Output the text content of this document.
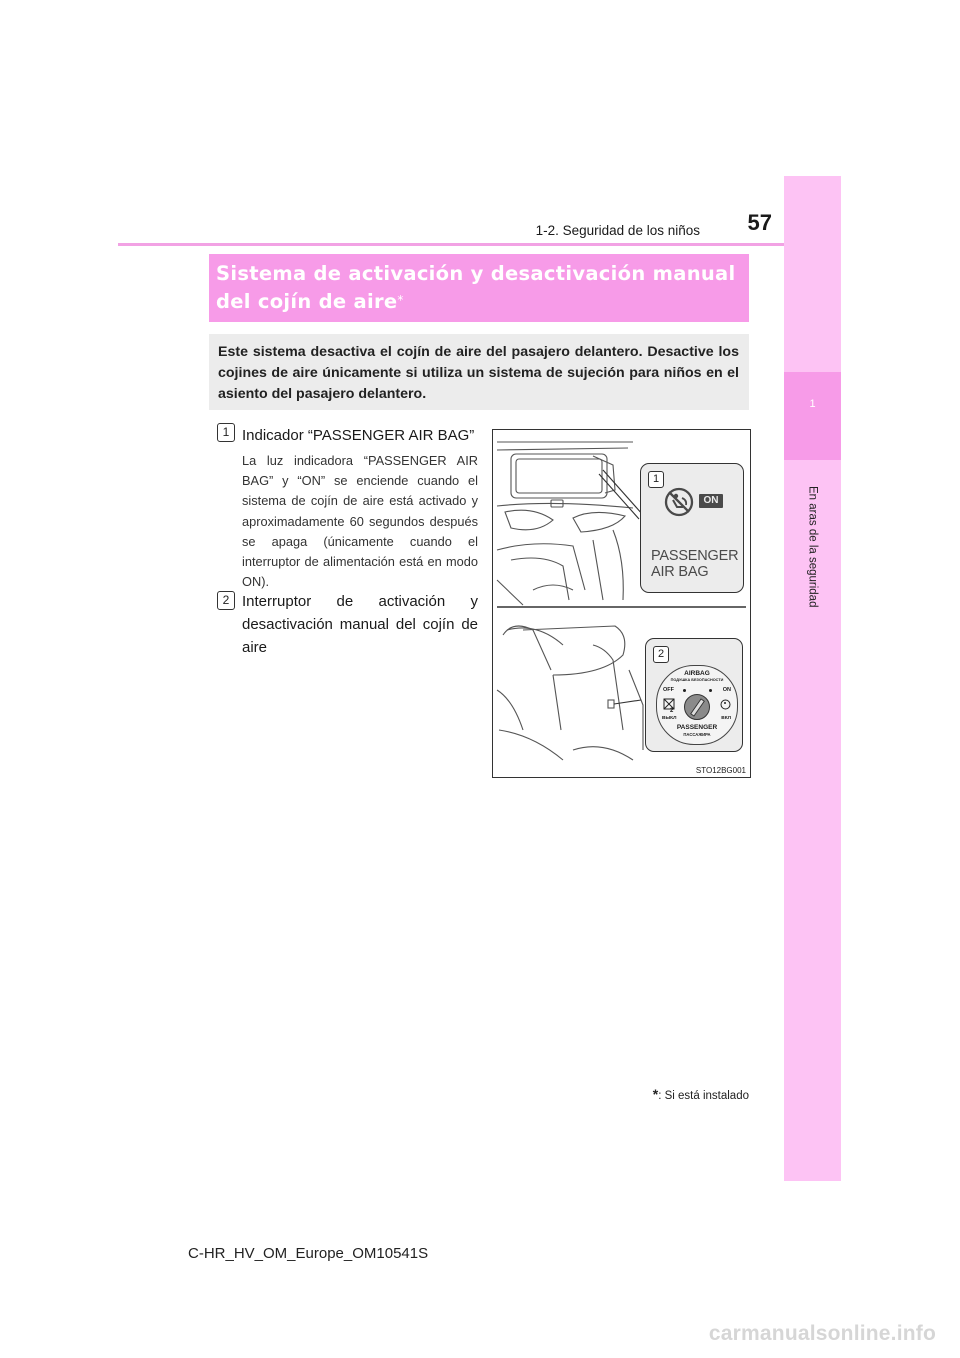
1-2. Seguridad de los niños	57
1
En aras de la seguridad
Sistema de activación y desactivación manual del cojín de aire*
Este sistema desactiva el cojín de aire del pasajero delantero. Desactive los cojines de aire únicamente si utiliza un sistema de sujeción para niños en el asiento del pasajero delantero.
1 Indicador “PASSENGER AIR BAG”
La luz indicadora “PASSENGER AIR BAG” y “ON” se enciende cuando el sistema de cojín de aire está activado y aproximadamente 60 segundos después se apaga (únicamente cuando el interruptor de alimentación está en modo ON).
2 Interruptor de activación y desactivación manual del cojín de aire
1
ON
PASSENGER
AIR BAG
2
AIRBAG
ПОДУШКА БЕЗОПАСНОСТИ
OFF	ON
2
ВЫКЛ	ВКЛ
PASSENGER
ПАССАЖИРА
STO12BG001
*: Si está instalado
C-HR_HV_OM_Europe_OM10541S
carmanualsonline.info
